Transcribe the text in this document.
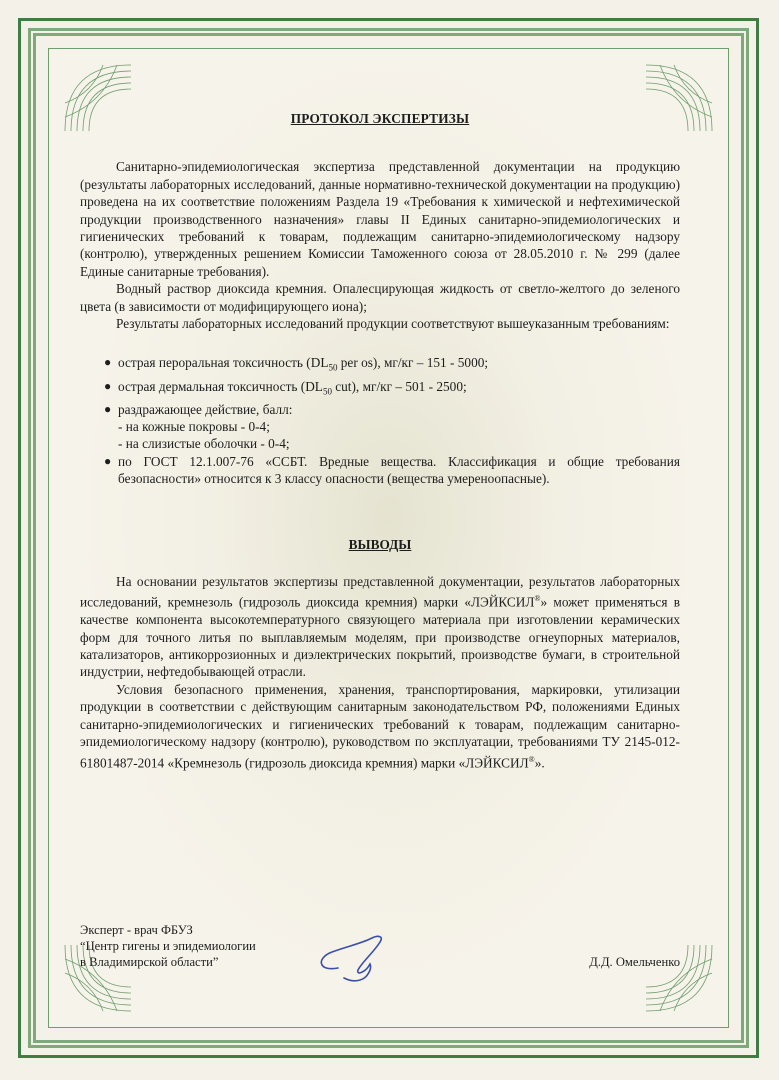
ПРОТОКОЛ ЭКСПЕРТИЗЫ

Санитарно-эпидемиологическая экспертиза представленной документации на продукцию (результаты лабораторных исследований, данные нормативно-технической документации на продукцию) проведена на их соответствие положениям Раздела 19 «Требования к химической и нефтехимической продукции производственного назначения» главы II Единых санитарно-эпидемиологических и гигиенических требований к товарам, подлежащим санитарно-эпидемиологическому надзору (контролю), утвержденных решением Комиссии Таможенного союза от 28.05.2010 г. № 299 (далее Единые санитарные требования).

Водный раствор диоксида кремния. Опалесцирующая жидкость от светло-желтого до зеленого цвета (в зависимости от модифицирующего иона);

Результаты лабораторных исследований продукции соответствуют вышеуказанным требованиям:

● острая пероральная токсичность ($DL_{50}$ per os), мг/кг – 151 - 5000;
● острая дермальная токсичность ($DL_{50}$ cut), мг/кг – 501 - 2500;
● раздражающее действие, балл:
- на кожные покровы - 0-4;
- на слизистые оболочки - 0-4;
● по ГОСТ 12.1.007-76 «ССБТ. Вредные вещества. Классификация и общие требования безопасности» относится к 3 классу опасности (вещества умереноопасные).
ВЫВОДЫ

На основании результатов экспертизы представленной документации, результатов лабораторных исследований, кремнезоль (гидрозоль диоксида кремния) марки «ЛЭЙКСИЛ®» может применяться в качестве компонента высокотемпературного связующего материала при изготовлении керамических форм для точного литья по выплавляемым моделям, при производстве огнеупорных материалов, катализаторов, антикоррозионных и диэлектрических покрытий, производстве бумаги, в строительной индустрии, нефтедобывающей отрасли.

Условия безопасного применения, хранения, транспортирования, маркировки, утилизации продукции в соответствии с действующим санитарным законодательством РФ, положениями Единых санитарно-эпидемиологических и гигиенических требований к товарам, подлежащим санитарно-эпидемиологическому надзору (контролю), руководством по эксплуатации, требованиями ТУ 2145-012-61801487-2014 «Кремнезоль (гидрозоль диоксида кремния) марки «ЛЭЙКСИЛ®».

Эксперт - врач ФБУЗ
“Центр гигены и эпидемиологии
в Владимирской области”	Д.Д. Омельченко
